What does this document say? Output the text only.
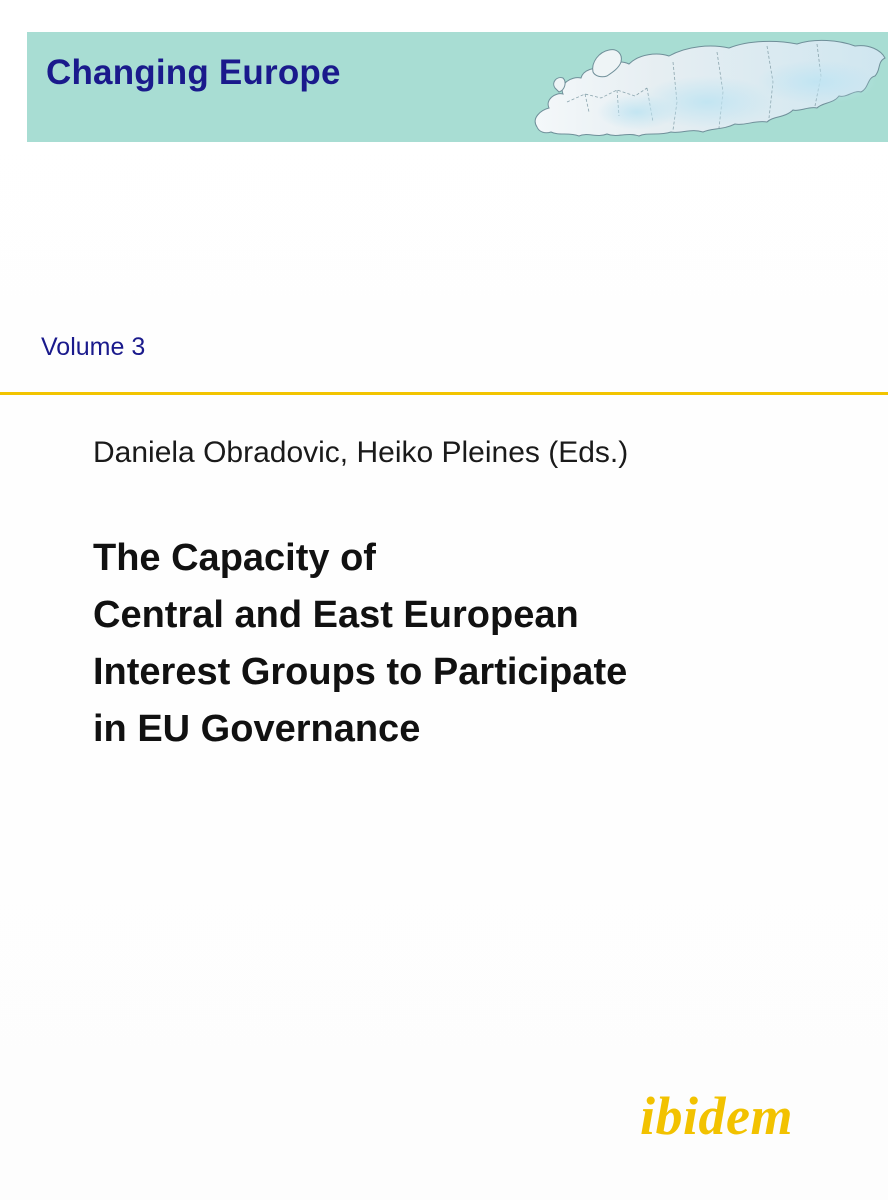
Changing Europe
Volume 3
Daniela Obradovic, Heiko Pleines (Eds.)
The Capacity of
Central and East European
Interest Groups to Participate
in EU Governance
ibidem
